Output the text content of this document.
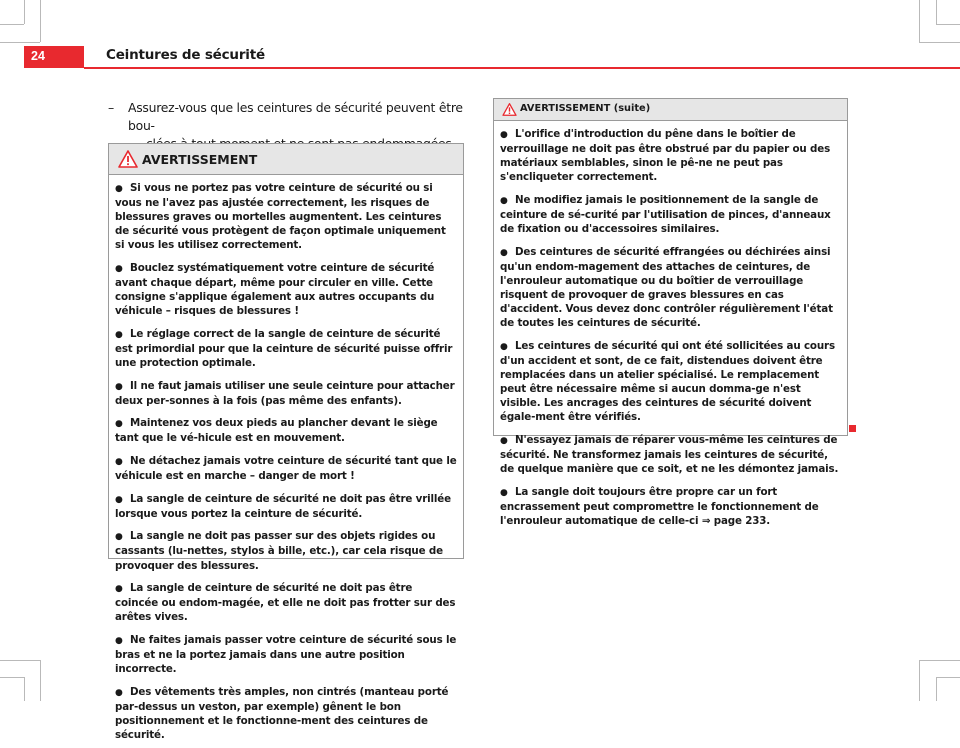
24	Ceintures de sécurité
–	Assurez-vous que les ceintures de sécurité peuvent être bou-
AVERTISSEMENT

● Si vous ne portez pas votre ceinture de sécurité ou si vous ne l'avez pas ajustée correctement, les risques de blessures graves ou mortelles augmentent. Les ceintures de sécurité vous protègent de façon optimale uniquement si vous les utilisez correctement.

● Bouclez systématiquement votre ceinture de sécurité avant chaque départ, même pour circuler en ville. Cette consigne s'applique également aux autres occupants du véhicule – risques de blessures !

● Le réglage correct de la sangle de ceinture de sécurité est primordial pour que la ceinture de sécurité puisse offrir une protection optimale.

● Il ne faut jamais utiliser une seule ceinture pour attacher deux per-sonnes à la fois (pas même des enfants).

● Maintenez vos deux pieds au plancher devant le siège tant que le vé-hicule est en mouvement.

● Ne détachez jamais votre ceinture de sécurité tant que le véhicule est en marche – danger de mort !

● La sangle de ceinture de sécurité ne doit pas être vrillée lorsque vous portez la ceinture de sécurité.

● La sangle ne doit pas passer sur des objets rigides ou cassants (lu-nettes, stylos à bille, etc.), car cela risque de provoquer des blessures.

● La sangle de ceinture de sécurité ne doit pas être coincée ou endom-magée, et elle ne doit pas frotter sur des arêtes vives.

● Ne faites jamais passer votre ceinture de sécurité sous le bras et ne la portez jamais dans une autre position incorrecte.

● Des vêtements très amples, non cintrés (manteau porté par-dessus un veston, par exemple) gênent le bon positionnement et le fonctionne-ment des ceintures de sécurité.

AVERTISSEMENT (suite)

● L'orifice d'introduction du pêne dans le boîtier de verrouillage ne doit pas être obstrué par du papier ou des matériaux semblables, sinon le pê-ne ne peut pas s'encliqueter correctement.

● Ne modifiez jamais le positionnement de la sangle de ceinture de sé-curité par l'utilisation de pinces, d'anneaux de fixation ou d'accessoires similaires.

● Des ceintures de sécurité effrangées ou déchirées ainsi qu'un endom-magement des attaches de ceintures, de l'enrouleur automatique ou du boîtier de verrouillage risquent de provoquer de graves blessures en cas d'accident. Vous devez donc contrôler régulièrement l'état de toutes les ceintures de sécurité.

● Les ceintures de sécurité qui ont été sollicitées au cours d'un accident et sont, de ce fait, distendues doivent être remplacées dans un atelier spécialisé. Le remplacement peut être nécessaire même si aucun domma-ge n'est visible. Les ancrages des ceintures de sécurité doivent égale-ment être vérifiés.

● N'essayez jamais de réparer vous-même les ceintures de sécurité. Ne transformez jamais les ceintures de sécurité, de quelque manière que ce soit, et ne les démontez jamais.

● La sangle doit toujours être propre car un fort encrassement peut compromettre le fonctionnement de l'enrouleur automatique de celle-ci ⇒ page 233.
